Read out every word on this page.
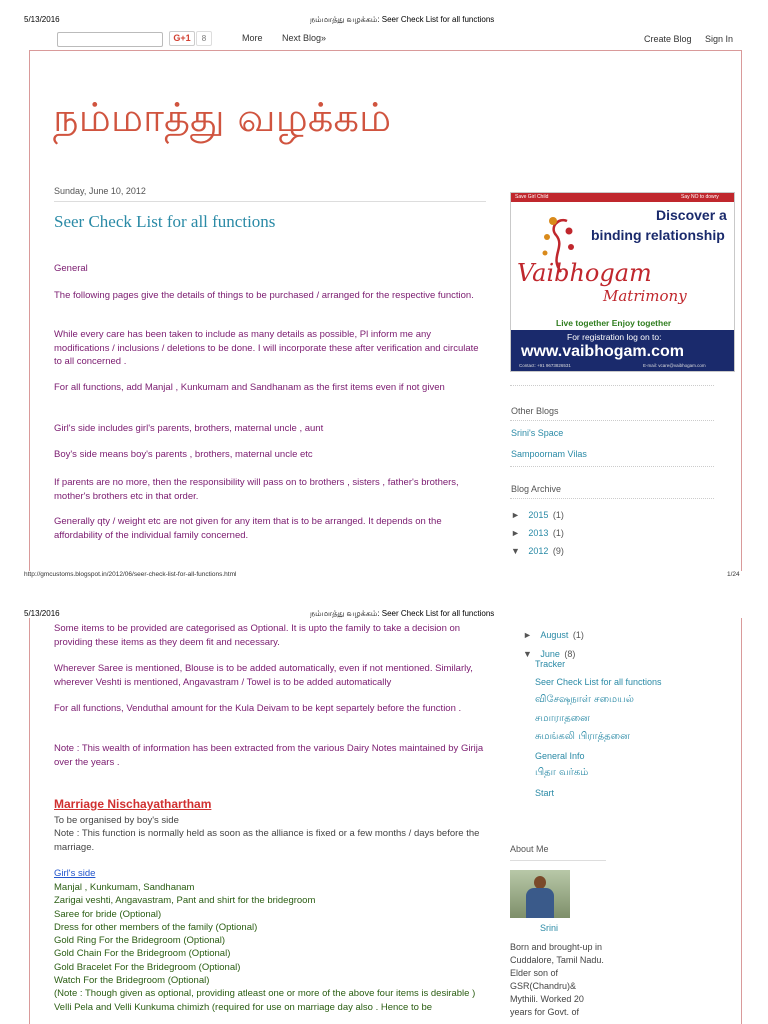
5/13/2016	நம்மாத்து வழக்கம்: Seer Check List for all functions
G+1	8	More Next Blog»	Create Blog Sign In
நம்மாத்து வழக்கம்
Sunday, June 10, 2012
Seer Check List for all functions
General
The following pages give the details of things to be purchased / arranged for the respective function.
While every care has been taken to include as many details as possible, Pl inform me any modifications / inclusions / deletions to be done. I will incorporate these after verification and circulate to all concerned .
For all functions, add Manjal , Kunkumam and Sandhanam as the first items even if not given
Girl's side includes girl's parents, brothers, maternal uncle , aunt
Boy's side means boy's parents , brothers, maternal uncle etc
If parents are no more, then the responsibility will pass on to brothers , sisters , father's brothers, mother's brothers etc in that order.
Generally qty / weight etc are not given for any item that is to be arranged. It depends on the affordability of the individual family concerned.
Save Girl Child	Say NO to dowry
Discover a
binding relationship
Vaibhogam
Matrimony
Live together Enjoy together
For registration log on to:
www.vaibhogam.com
Contact: +91 9673826531	E-mail: vcare@vaibhogam.com
Other Blogs
Srini's Space
Sampoornam Vilas
Blog Archive
► 2015 (1)
► 2013 (1)
▼ 2012 (9)
http://gmcustoms.blogspot.in/2012/06/seer-check-list-for-all-functions.html	1/24
5/13/2016	நம்மாத்து வழக்கம்: Seer Check List for all functions
Some items to be provided are categorised as Optional. It is upto the family to take a decision on providing these items as they deem fit and necessary.
Wherever Saree is mentioned, Blouse is to be added automatically, even if not mentioned. Similarly, wherever Veshti is mentioned, Angavastram / Towel is to be added automatically
For all functions, Venduthal amount for the Kula Deivam to be kept separtely before the function .
Note : This wealth of information has been extracted from the various Dairy Notes maintained by Girija over the years .
Marriage Nischayathartham
To be organised by boy's side
Note : This function is normally held as soon as the alliance is fixed or a few months / days before the marriage.
Girl's side
Manjal , Kunkumam, Sandhanam
Zarigai veshti, Angavastram, Pant and shirt for the bridegroom
Saree for bride (Optional)
Dress for other members of the family (Optional)
Gold Ring For the Bridegroom (Optional)
Gold Chain For the Bridegroom (Optional)
Gold Bracelet For the Bridegroom (Optional)
Watch For the Bridegroom (Optional)
(Note : Though given as optional, providing atleast one or more of the above four items is desirable )
Velli Pela and Velli Kunkuma chimizh (required for use on marriage day also . Hence to be
► August (1)
▼ June (8)
Tracker
Seer Check List for all functions
விசேஷநாள் சமையல்
சமாராதனை
சுமங்கலி பிராத்தனை
General Info
பிதா வர்கம்
Start
About Me
Srini
Born and brought-up in Cuddalore, Tamil Nadu. Elder son of GSR(Chandru)& Mythili. Worked 20 years for Govt. of
